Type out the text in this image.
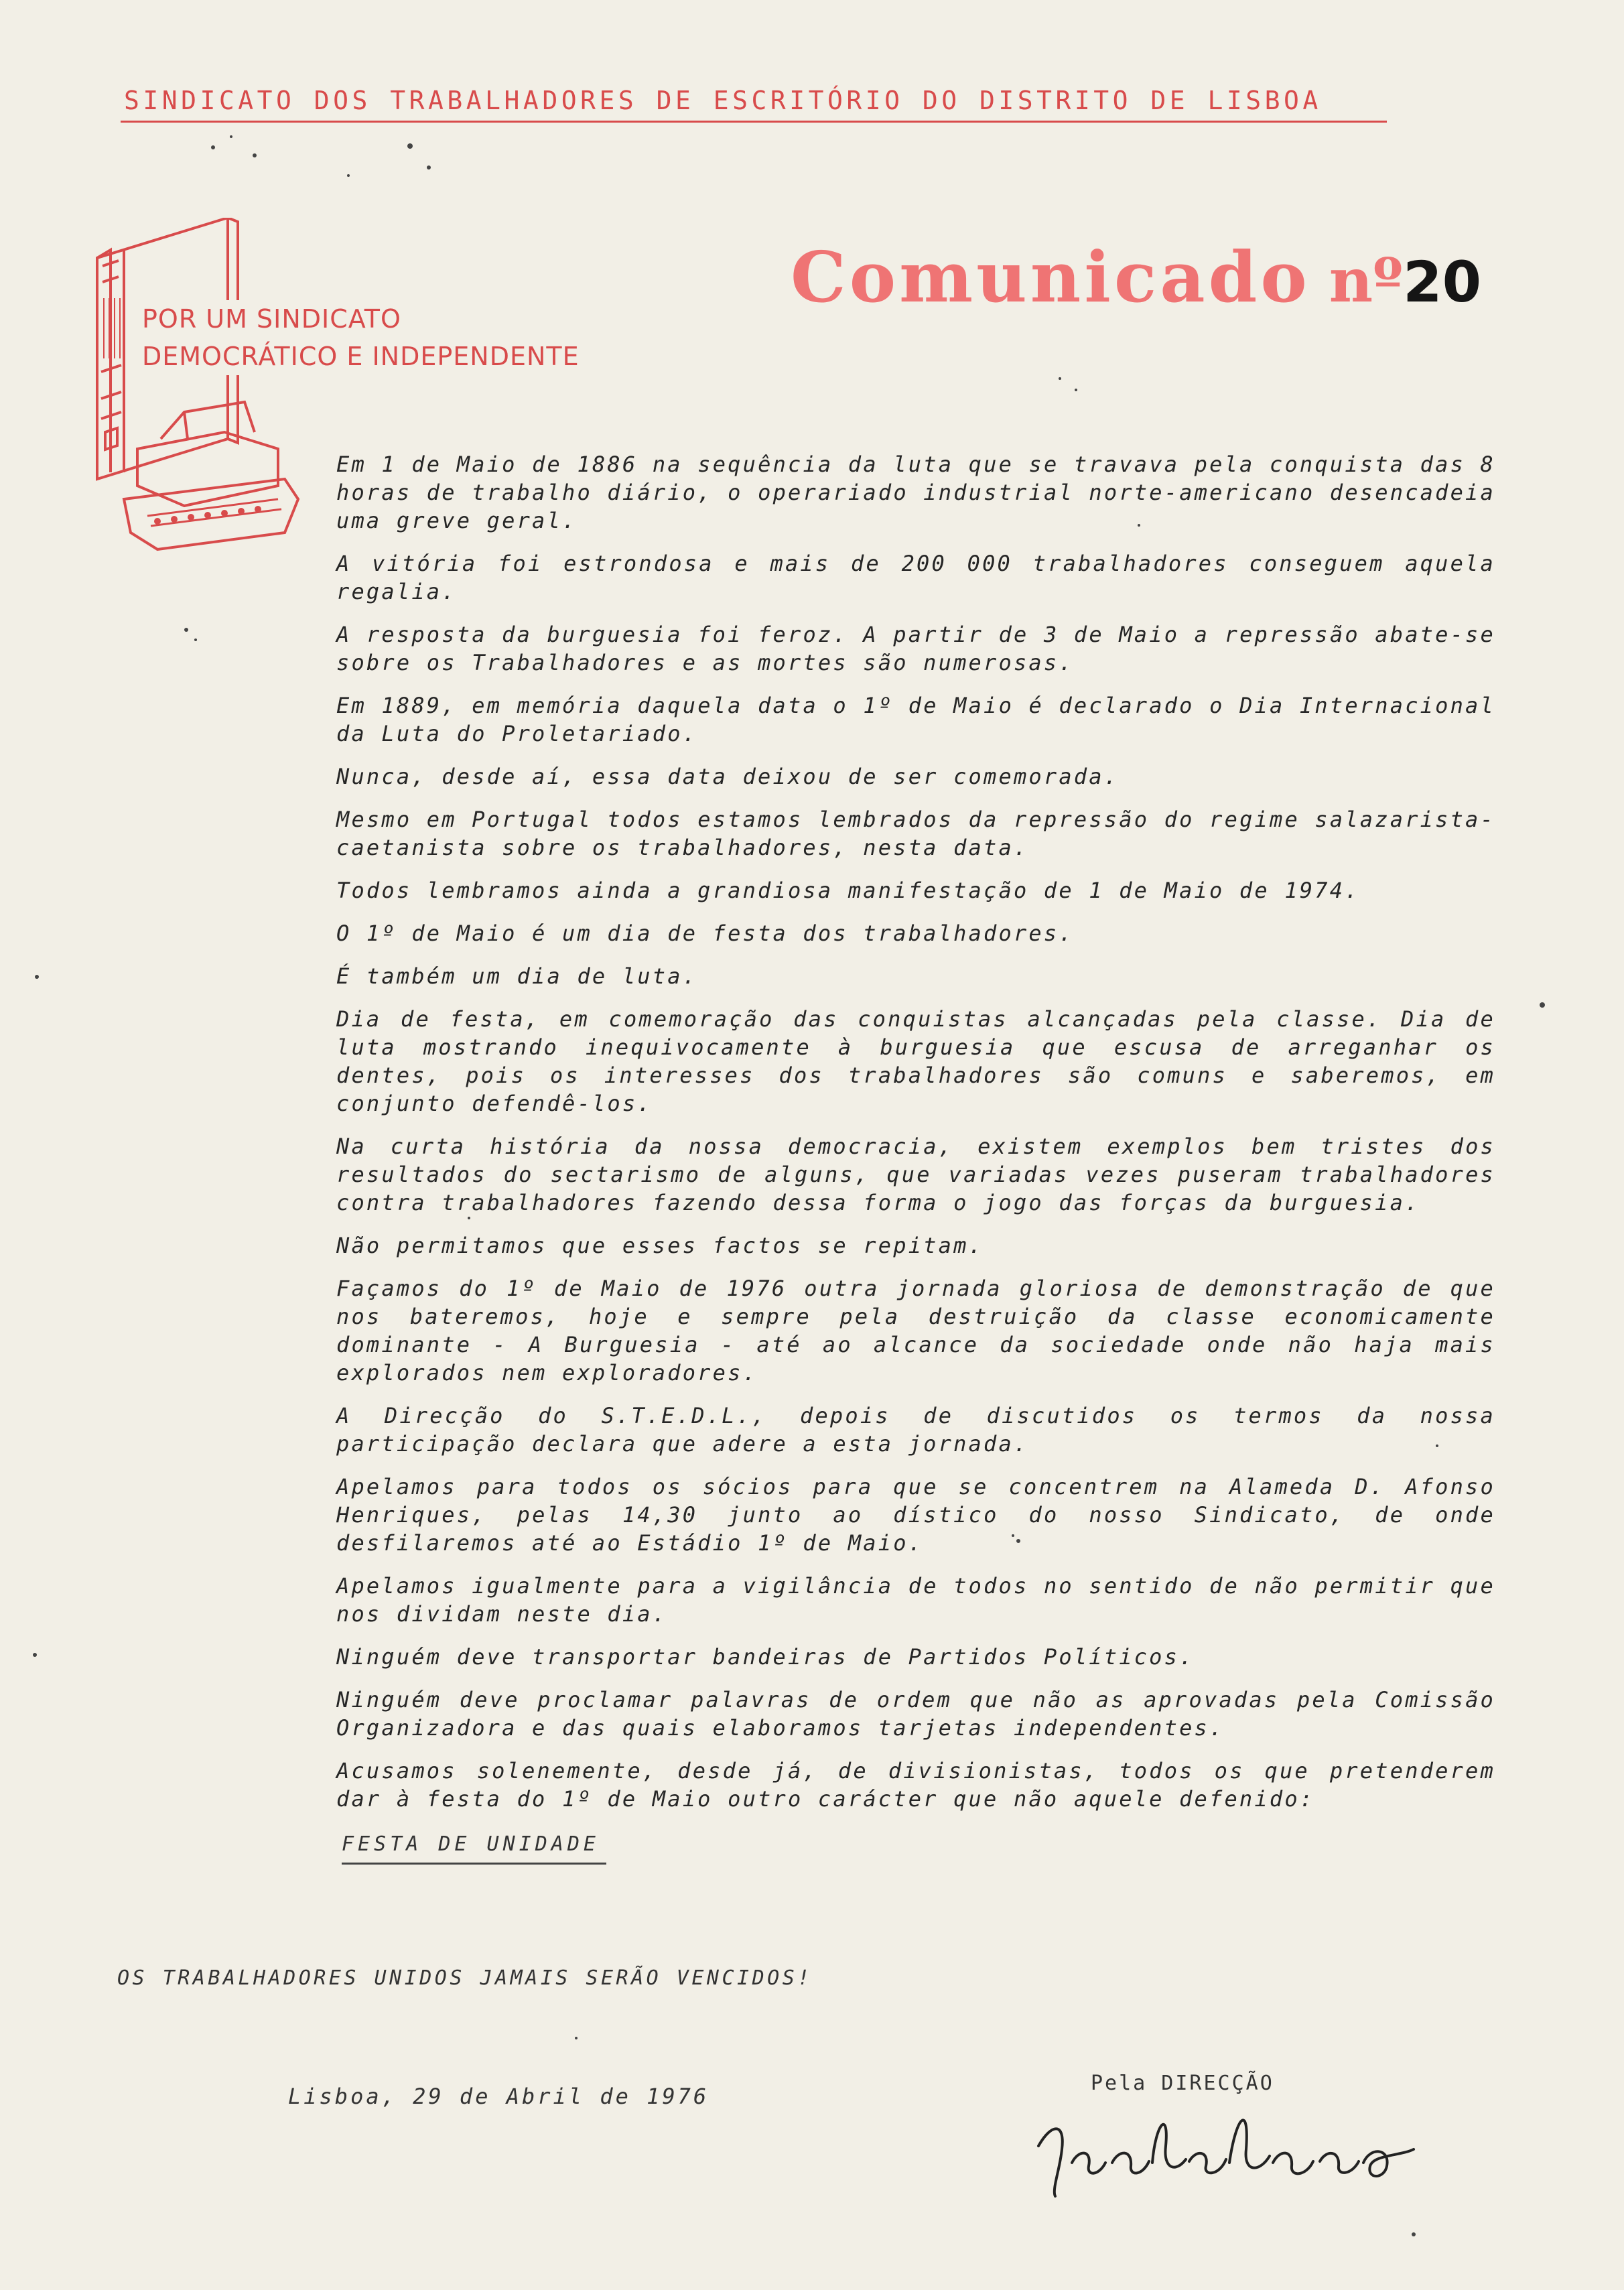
SINDICATO DOS TRABALHADORES DE ESCRITÓRIO DO DISTRITO DE LISBOA
POR UM SINDICATO
DEMOCRÁTICO E INDEPENDENTE
Comunicado nº20

Em 1 de Maio de 1886 na sequência da luta que se travava pela conquista das 8 horas de trabalho diário, o operariado industrial norte-americano desencadeia uma greve geral.

A vitória foi estrondosa e mais de 200 000 trabalhadores conseguem aquela regalia.

A resposta da burguesia foi feroz. A partir de 3 de Maio a repressão abate-se sobre os Trabalhadores e as mortes são numerosas.

Em 1889, em memória daquela data o 1º de Maio é declarado o Dia Internacional da Luta do Proletariado.

Nunca, desde aí, essa data deixou de ser comemorada.

Mesmo em Portugal todos estamos lembrados da repressão do regime salazarista-caetanista sobre os trabalhadores, nesta data.

Todos lembramos ainda a grandiosa manifestação de 1 de Maio de 1974.

O 1º de Maio é um dia de festa dos trabalhadores.

É também um dia de luta.

Dia de festa, em comemoração das conquistas alcançadas pela classe. Dia de luta mostrando inequivocamente à burguesia que escusa de arreganhar os dentes, pois os interesses dos trabalhadores são comuns e saberemos, em conjunto defendê-los.

Na curta história da nossa democracia, existem exemplos bem tristes dos resultados do sectarismo de alguns, que variadas vezes puseram trabalhadores contra trabalhadores fazendo dessa forma o jogo das forças da burguesia.

Não permitamos que esses factos se repitam.

Façamos do 1º de Maio de 1976 outra jornada gloriosa de demonstração de que nos bateremos, hoje e sempre pela destruição da classe economicamente dominante - A Burguesia - até ao alcance da sociedade onde não haja mais explorados nem exploradores.

A Direcção do S.T.E.D.L., depois de discutidos os termos da nossa participação declara que adere a esta jornada.

Apelamos para todos os sócios para que se concentrem na Alameda D. Afonso Henriques, pelas 14,30 junto ao dístico do nosso Sindicato, de onde desfilaremos até ao Estádio 1º de Maio.

Apelamos igualmente para a vigilância de todos no sentido de não permitir que nos dividam neste dia.

Ninguém deve transportar bandeiras de Partidos Políticos.

Ninguém deve proclamar palavras de ordem que não as aprovadas pela Comissão Organizadora e das quais elaboramos tarjetas independentes.

Acusamos solenemente, desde já, de divisionistas, todos os que pretenderem dar à festa do 1º de Maio outro carácter que não aquele defenido:

FESTA DE UNIDADE
OS TRABALHADORES UNIDOS JAMAIS SERÃO VENCIDOS!
Lisboa, 29 de Abril de 1976
Pela DIRECÇÃO
